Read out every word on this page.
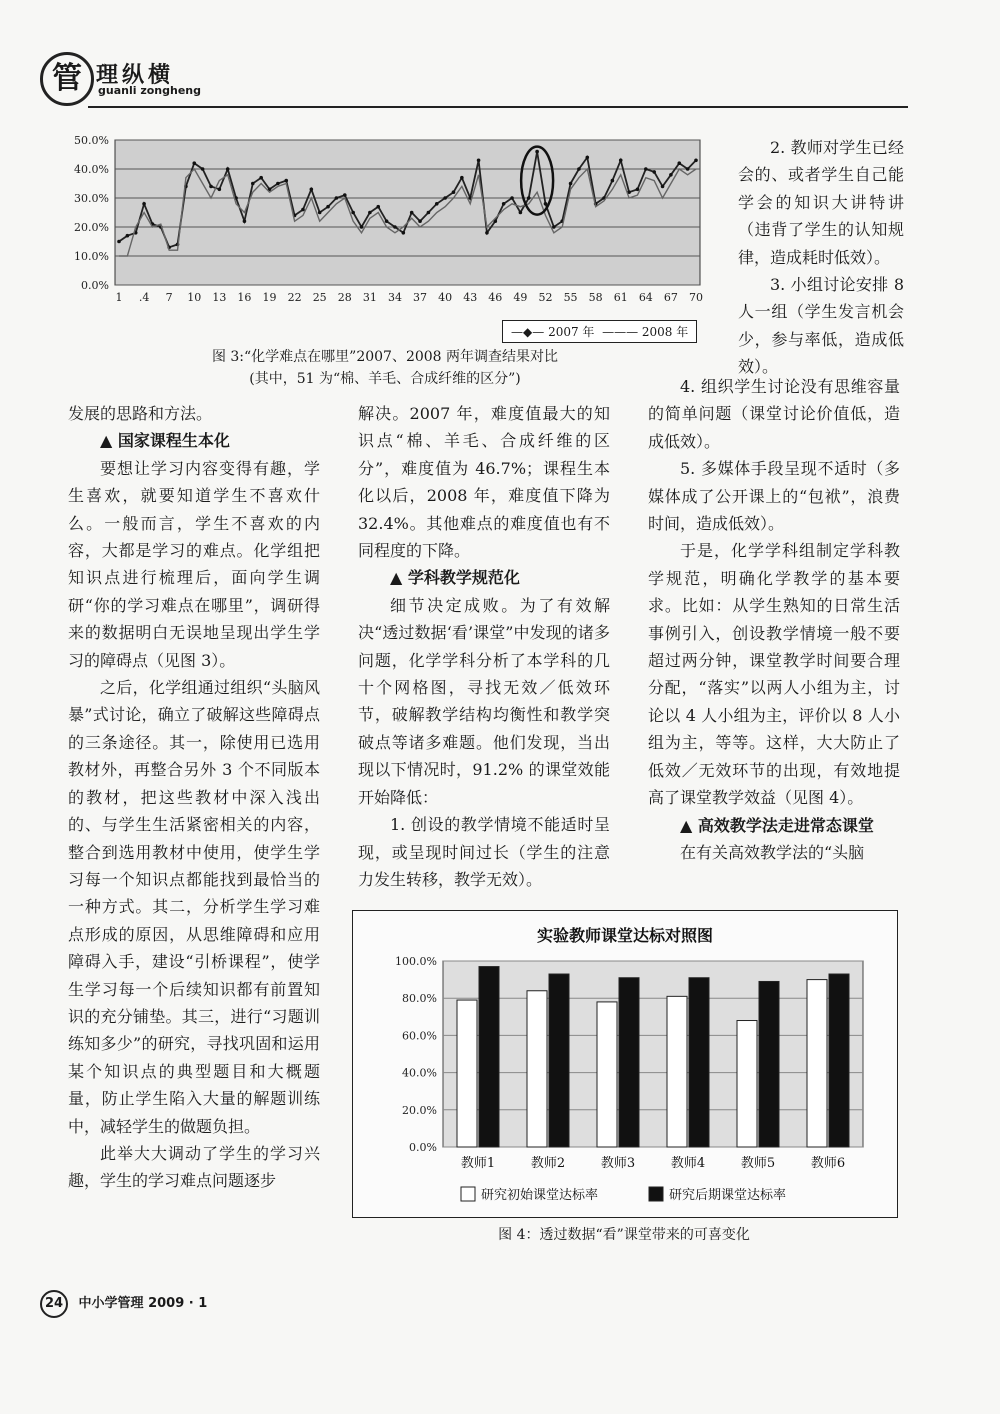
管 理纵横
guanli zongheng
0.0%
10.0%
20.0%
30.0%
40.0%
50.0%
1 .4 7 10 13 16 19 22 25 28 31 34 37 40 43 46 49 52 55 58 61 64 67 70
—◆— 2007 年 ——— 2008 年
图 3:“化学难点在哪里”2007、2008 两年调查结果对比
(其中，51 为“棉、羊毛、合成纤维的区分”)

2. 教师对学生已经会的、或者学生自己能学会的知识大讲特讲（违背了学生的认知规律，造成耗时低效）。

3. 小组讨论安排 8 人一组（学生发言机会少，参与率低，造成低效）。

发展的思路和方法。

▲ 国家课程生本化

要想让学习内容变得有趣，学生喜欢，就要知道学生不喜欢什么。一般而言，学生不喜欢的内容，大都是学习的难点。化学组把知识点进行梳理后，面向学生调研“你的学习难点在哪里”，调研得来的数据明白无误地呈现出学生学习的障碍点（见图 3）。

之后，化学组通过组织“头脑风暴”式讨论，确立了破解这些障碍点的三条途径。其一，除使用已选用教材外，再整合另外 3 个不同版本的教材，把这些教材中深入浅出的、与学生生活紧密相关的内容，整合到选用教材中使用，使学生学习每一个知识点都能找到最恰当的一种方式。其二，分析学生学习难点形成的原因，从思维障碍和应用障碍入手，建设“引桥课程”，使学生学习每一个后续知识都有前置知识的充分铺垫。其三，进行“习题训练知多少”的研究，寻找巩固和运用某个知识点的典型题目和大概题量，防止学生陷入大量的解题训练中，减轻学生的做题负担。

此举大大调动了学生的学习兴趣，学生的学习难点问题逐步

解决。2007 年，难度值最大的知识点“棉、羊毛、合成纤维的区分”，难度值为 46.7%；课程生本化以后，2008 年，难度值下降为 32.4%。其他难点的难度值也有不同程度的下降。

▲ 学科教学规范化

细节决定成败。为了有效解决“透过数据‘看’课堂”中发现的诸多问题，化学学科分析了本学科的几十个网格图，寻找无效／低效环节，破解教学结构均衡性和教学突破点等诸多难题。他们发现，当出现以下情况时，91.2% 的课堂效能开始降低：

1. 创设的教学情境不能适时呈现，或呈现时间过长（学生的注意力发生转移，教学无效）。

4. 组织学生讨论没有思维容量的简单问题（课堂讨论价值低，造成低效）。

5. 多媒体手段呈现不适时（多媒体成了公开课上的“包袱”，浪费时间，造成低效）。

于是，化学学科组制定学科教学规范，明确化学教学的基本要求。比如：从学生熟知的日常生活事例引入，创设教学情境一般不要超过两分钟，课堂教学时间要合理分配，“落实”以两人小组为主，讨论以 4 人小组为主，评价以 8 人小组为主，等等。这样，大大防止了低效／无效环节的出现，有效地提高了课堂教学效益（见图 4）。

▲ 高效教学法走进常态课堂

在有关高效教学法的“头脑

实验教师课堂达标对照图
0.0%
20.0%
40.0%
60.0%
80.0%
100.0%
教师1	教师2	教师3	教师4	教师5	教师6
研究初始课堂达标率	研究后期课堂达标率
图 4：透过数据“看”课堂带来的可喜变化
24 中小学管理 2009 · 1
